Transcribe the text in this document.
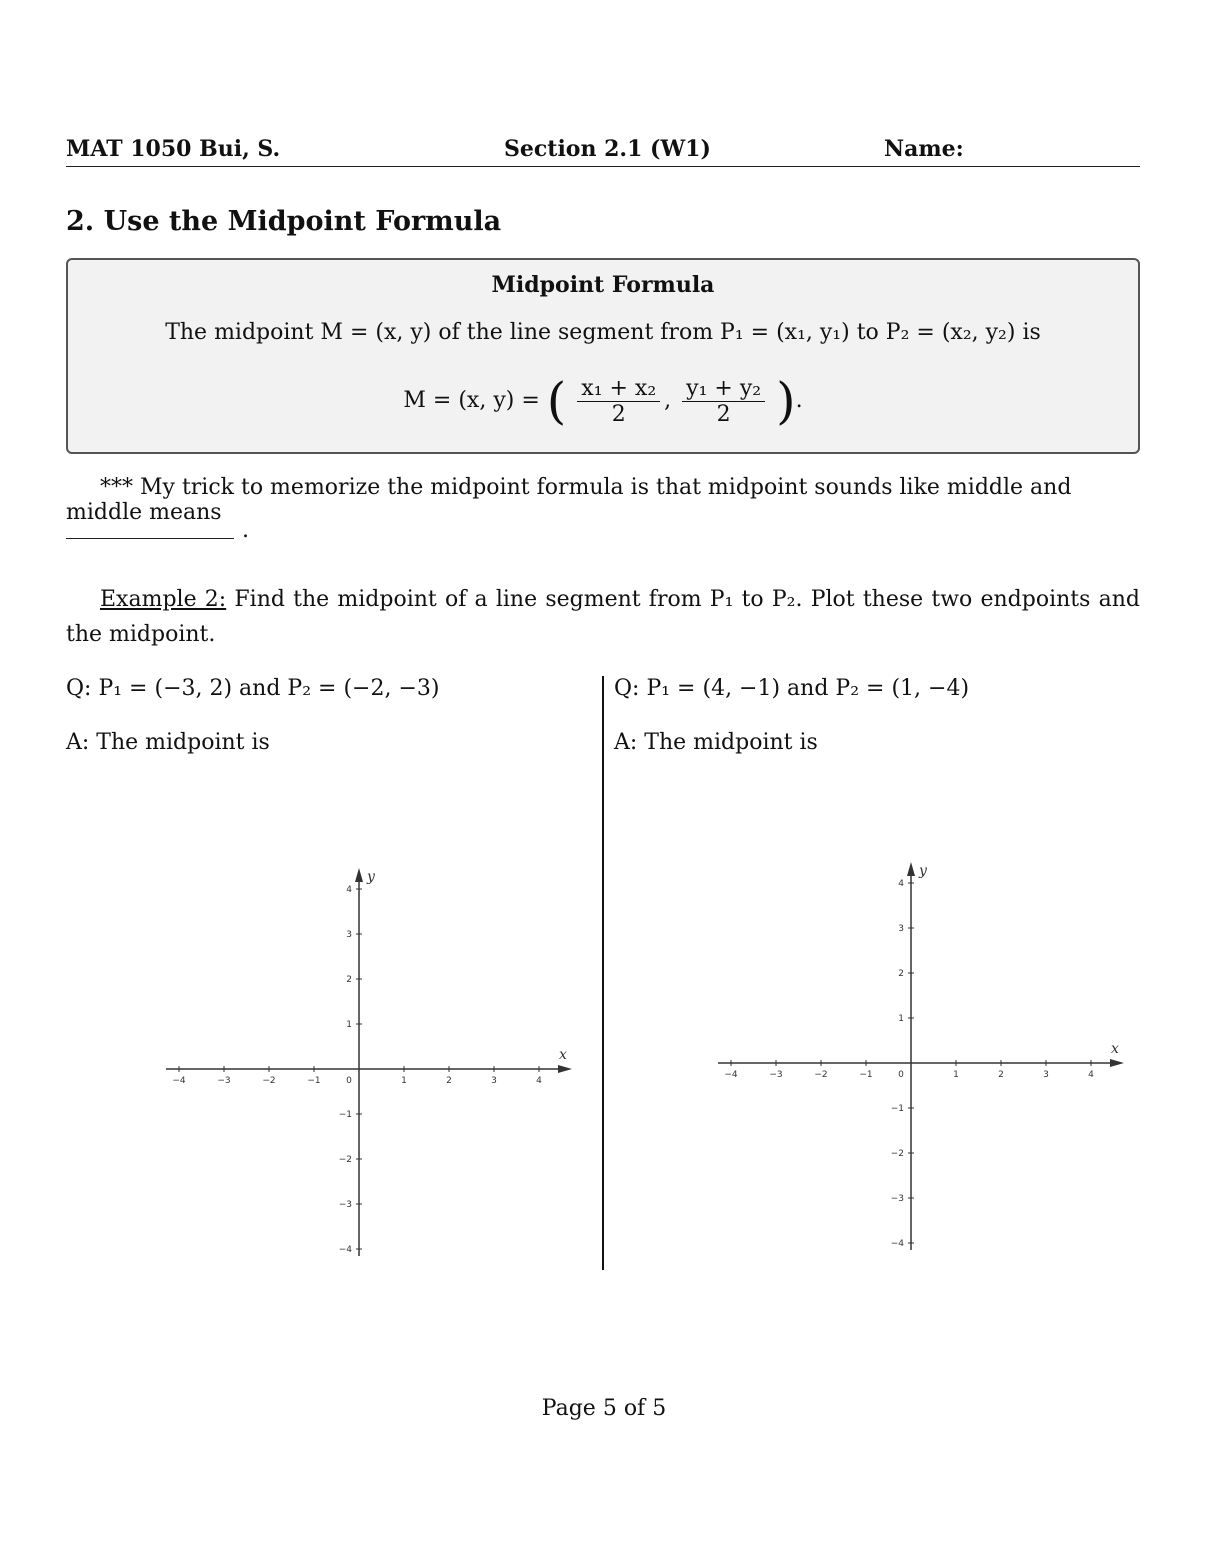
MAT 1050 Bui, S.	Section 2.1 (W1)	Name:
2. Use the Midpoint Formula
Midpoint Formula
The midpoint M = (x, y) of the line segment from P₁ = (x₁, y₁) to P₂ = (x₂, y₂) is
M = (x, y) = ( $\frac{\text{x₁ + x₂}}{2}$ , $\frac{\text{y₁ + y₂}}{2}$ ).
*** My trick to memorize the midpoint formula is that midpoint sounds like middle and middle means
.
Example 2: Find the midpoint of a line segment from P₁ to P₂. Plot these two endpoints and the midpoint.
Q: P₁ = (−3, 2) and P₂ = (−2, −3)
A: The midpoint is
Q: P₁ = (4, −1) and P₂ = (1, −4)
A: The midpoint is
−4	−3	−2	−1	0	1	2	3	4
4
3
2
1
−1
−2
−3
−4
x
y
−4	−3	−2	−1	0	1	2	3	4
4
3
2
1
−1
−2
−3
−4
x
y
Page 5 of 5
